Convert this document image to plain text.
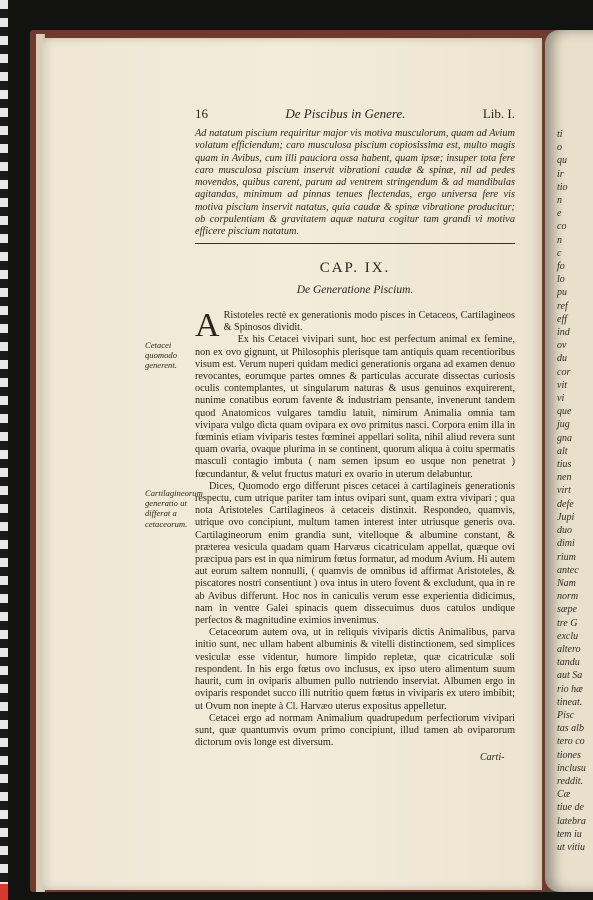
ti
o
qu
ir
tio
n
e
co
n
c
fo
lo
pu
ref
eff
ind
ov
du
cor
vit
vi
que
jug
gna
alt
tius
nen
virt
defe
Jupi
duo
dimi
rium
antec
Nam
norm
sæpe
tre G
exclu
altero
tandu
aut Sa
rio hæ
tineat.
Pisc
tas alb
tero co
tiones
inclusu
reddit.
Cæ
tiue de
latebra
tem iu
ut vitiu
16	De Piscibus in Genere.	Lib. I.
Ad natatum piscium requiritur major vis motiva musculorum, quam ad Avium volatum efficiendum; caro musculosa piscium copiosissima est, multo magis quam in Avibus, cum illi pauciora ossa habent, quam ipsæ; insuper tota fere caro musculosa piscium inservit vibrationi caudæ & spinæ, nil ad pedes movendos, quibus carent, parum ad ventrem stringendum & ad mandibulas agitandas, minimum ad pinnas tenues flectendas, ergo universa fere vis motiva piscium inservit natatus, quia caudæ & spinæ vibratione producitur; ob corpulentiam & gravitatem aquæ natura cogitur tam grandi vi motiva efficere piscium natatum.
CAP. IX.
De Generatione Piscium.

A Ristoteles rectè ex generationis modo pisces in Cetaceos, Cartilagineos & Spinosos dividit.

Ex his Cetacei vivipari sunt, hoc est perfectum animal ex femine, non ex ovo gignunt, ut Philosophis plerisque tam antiquis quam recentioribus visum est. Verum nuperi quidam medici generationis organa ad examen denuo revocantes, eorumque partes omnes & particulas accurate dissectas curiosis oculis contemplantes, ut singularum naturas & usus genuinos exquirerent, nunime conatibus eorum favente & industriam pensante, invenerunt tandem quod Anatomicos vulgares tamdiu latuit, nimirum Animalia omnia tam vivipara vulgo dicta quam ovipara ex ovo primitus nasci. Corpora enim illa in fœminis etiam viviparis testes fœminei appellari solita, nihil aliud revera sunt quam ovaria, ovaque plurima in se continent, quorum aliqua à coitu spermatis masculi contagio imbuta ( nam semen ipsum eo usque non penetrat ) fœcundantur, & velut fructus maturi ex ovario in uterum delabuntur.

Dices, Quomodo ergo differunt pisces cetacei à cartilagineis generationis respectu, cum utrique pariter tam intus ovipari sunt, quam extra vivipari ; qua nota Aristoteles Cartilagineos à cetaceis distinxit. Respondeo, quamvis, utrique ovo concipiunt, multum tamen interest inter utriusque generis ova. Cartilagineorum enim grandia sunt, vitelloque & albumine constant, & præterea vesicula quadam quam Harvæus cicatriculam appellat, quæque ovi præcipua pars est in qua nimirum fœtus formatur, ad modum Avium. Hi autem aut eorum saltem nonnulli, ( quamvis de omnibus id affirmat Aristoteles, & piscatores nostri consentiunt ) ova intus in utero fovent & excludunt, qua in re ab Avibus differunt. Hoc nos in caniculis verum esse experientia didicimus, nam in ventre Galei spinacis quem dissecuimus duos catulos undique perfectos & magnitudine eximios invenimus.

Cetaceorum autem ova, ut in reliquis viviparis dictis Animalibus, parva initio sunt, nec ullam habent albuminis & vitelli distinctionem, sed simplices vesiculæ esse videntur, humore limpido repletæ, quæ cicatriculæ soli respondent. In his ergo fœtus ovo inclusus, ex ipso utero alimentum suum haurit, cum in oviparis albumen pullo nutriendo inserviat. Albumen ergo in oviparis respondet succo illi nutritio quem fœtus in viviparis ex utero imbibit; ut Ovum non inepte à Cl. Harvæo uterus expositus appelletur.

Cetacei ergo ad normam Animalium quadrupedum perfectiorum vivipari sunt, quæ quantumvis ovum primo concipiunt, illud tamen ab oviparorum dictorum ovis longe est diversum.

Cetacei quomodo generent.
Cartilagineorum generatio ut differat a cetaceorum.
Carti-
